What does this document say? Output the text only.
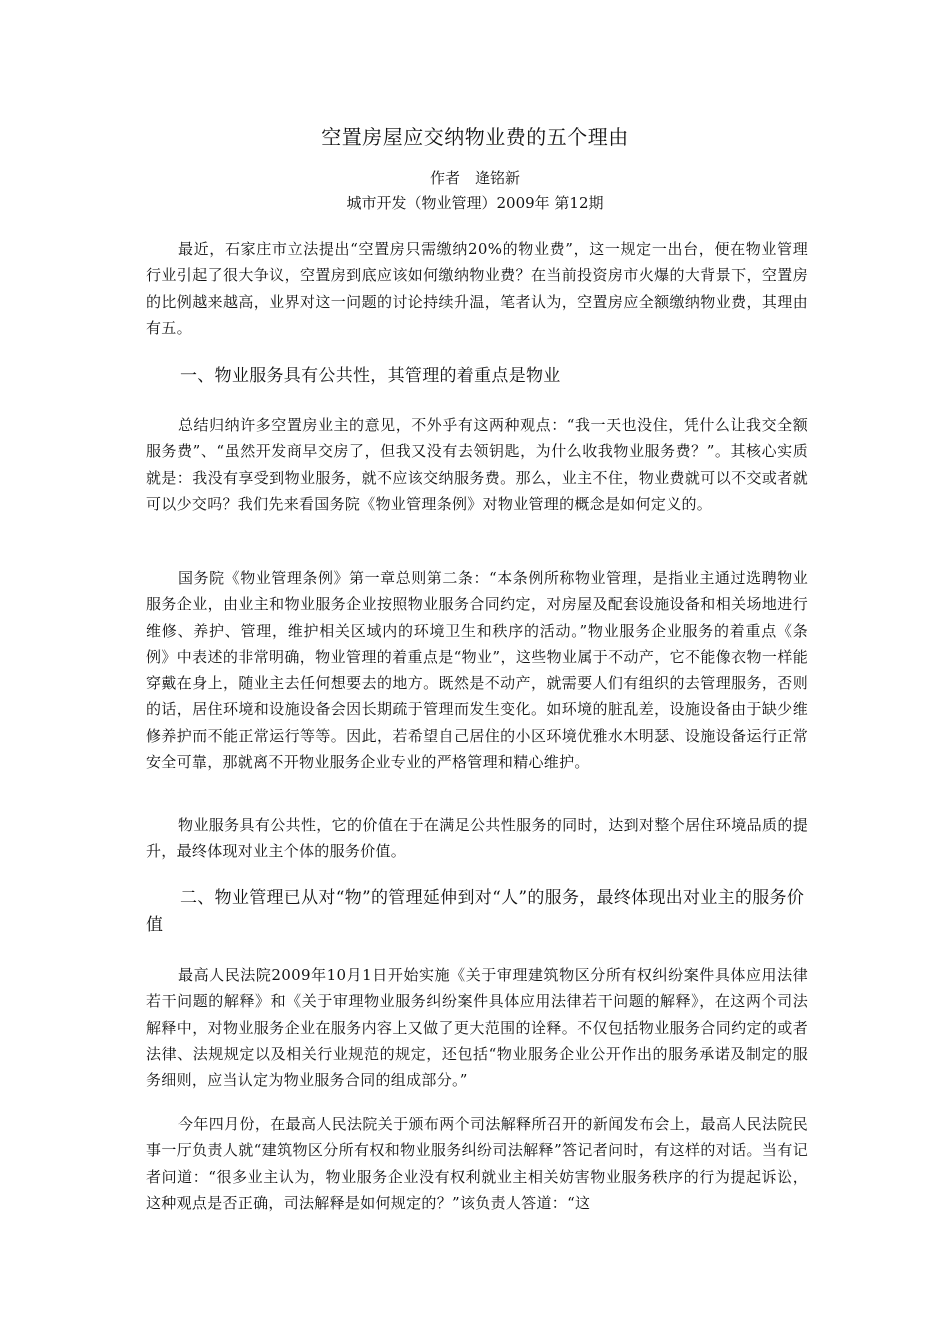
空置房屋应交纳物业费的五个理由
作者　逄铭新
城市开发（物业管理）2009年 第12期

最近，石家庄市立法提出“空置房只需缴纳20%的物业费”，这一规定一出台，便在物业管理行业引起了很大争议，空置房到底应该如何缴纳物业费？在当前投资房市火爆的大背景下，空置房的比例越来越高，业界对这一问题的讨论持续升温，笔者认为，空置房应全额缴纳物业费，其理由有五。

一、物业服务具有公共性，其管理的着重点是物业

总结归纳许多空置房业主的意见，不外乎有这两种观点：“我一天也没住，凭什么让我交全额服务费”、“虽然开发商早交房了，但我又没有去领钥匙，为什么收我物业服务费？”。其核心实质就是：我没有享受到物业服务，就不应该交纳服务费。那么，业主不住，物业费就可以不交或者就可以少交吗？我们先来看国务院《物业管理条例》对物业管理的概念是如何定义的。

国务院《物业管理条例》第一章总则第二条：“本条例所称物业管理，是指业主通过选聘物业服务企业，由业主和物业服务企业按照物业服务合同约定，对房屋及配套设施设备和相关场地进行维修、养护、管理，维护相关区域内的环境卫生和秩序的活动。”物业服务企业服务的着重点《条例》中表述的非常明确，物业管理的着重点是“物业”，这些物业属于不动产，它不能像衣物一样能穿戴在身上，随业主去任何想要去的地方。既然是不动产，就需要人们有组织的去管理服务，否则的话，居住环境和设施设备会因长期疏于管理而发生变化。如环境的脏乱差，设施设备由于缺少维修养护而不能正常运行等等。因此，若希望自己居住的小区环境优雅水木明瑟、设施设备运行正常安全可靠，那就离不开物业服务企业专业的严格管理和精心维护。

物业服务具有公共性，它的价值在于在满足公共性服务的同时，达到对整个居住环境品质的提升，最终体现对业主个体的服务价值。

二、物业管理已从对“物”的管理延伸到对“人”的服务，最终体现出对业主的服务价值

最高人民法院2009年10月1日开始实施《关于审理建筑物区分所有权纠纷案件具体应用法律若干问题的解释》和《关于审理物业服务纠纷案件具体应用法律若干问题的解释》，在这两个司法解释中，对物业服务企业在服务内容上又做了更大范围的诠释。不仅包括物业服务合同约定的或者法律、法规规定以及相关行业规范的规定，还包括“物业服务企业公开作出的服务承诺及制定的服务细则，应当认定为物业服务合同的组成部分。”

今年四月份，在最高人民法院关于颁布两个司法解释所召开的新闻发布会上，最高人民法院民事一厅负责人就“建筑物区分所有权和物业服务纠纷司法解释”答记者问时，有这样的对话。当有记者问道：“很多业主认为，物业服务企业没有权利就业主相关妨害物业服务秩序的行为提起诉讼，这种观点是否正确，司法解释是如何规定的？”该负责人答道：“这
